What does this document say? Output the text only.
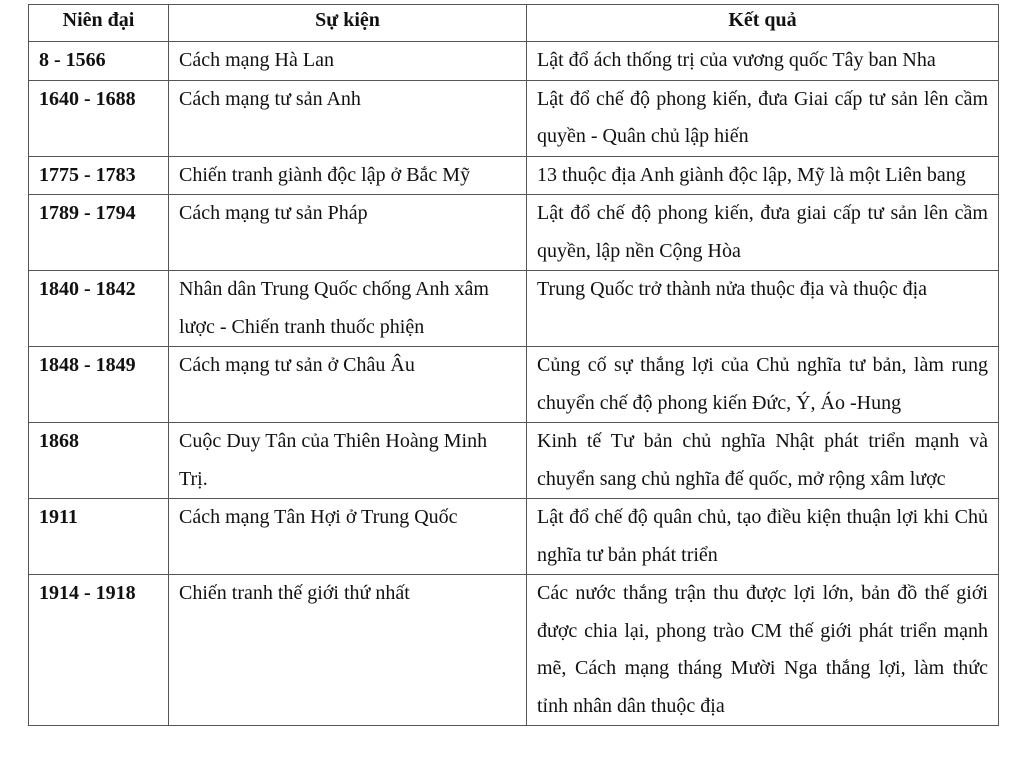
Niên đại	Sự kiện	Kết quả
8 - 1566	Cách mạng Hà Lan	Lật đổ ách thống trị của vương quốc Tây ban Nha
1640 - 1688	Cách mạng tư sản Anh	Lật đổ chế độ phong kiến, đưa Giai cấp tư sản lên cầm quyền - Quân chủ lập hiến
1775 - 1783	Chiến tranh giành độc lập ở Bắc Mỹ	13 thuộc địa Anh giành độc lập, Mỹ là một Liên bang
1789 - 1794	Cách mạng tư sản Pháp	Lật đổ chế độ phong kiến, đưa giai cấp tư sản lên cầm quyền, lập nền Cộng Hòa
1840 - 1842	Nhân dân Trung Quốc chống Anh xâm lược - Chiến tranh thuốc phiện	Trung Quốc trở thành nửa thuộc địa và thuộc địa
1848 - 1849	Cách mạng tư sản ở Châu Âu	Củng cố sự thắng lợi của Chủ nghĩa tư bản, làm rung chuyển chế độ phong kiến Đức, Ý, Áo -Hung
1868	Cuộc Duy Tân của Thiên Hoàng Minh Trị.	Kinh tế Tư bản chủ nghĩa Nhật phát triển mạnh và chuyển sang chủ nghĩa đế quốc, mở rộng xâm lược
1911	Cách mạng Tân Hợi ở Trung Quốc	Lật đổ chế độ quân chủ, tạo điều kiện thuận lợi khi Chủ nghĩa tư bản phát triển
1914 - 1918	Chiến tranh thế giới thứ nhất	Các nước thắng trận thu được lợi lớn, bản đồ thế giới được chia lại, phong trào CM thế giới phát triển mạnh mẽ, Cách mạng tháng Mười Nga thắng lợi, làm thức tỉnh nhân dân thuộc địa
